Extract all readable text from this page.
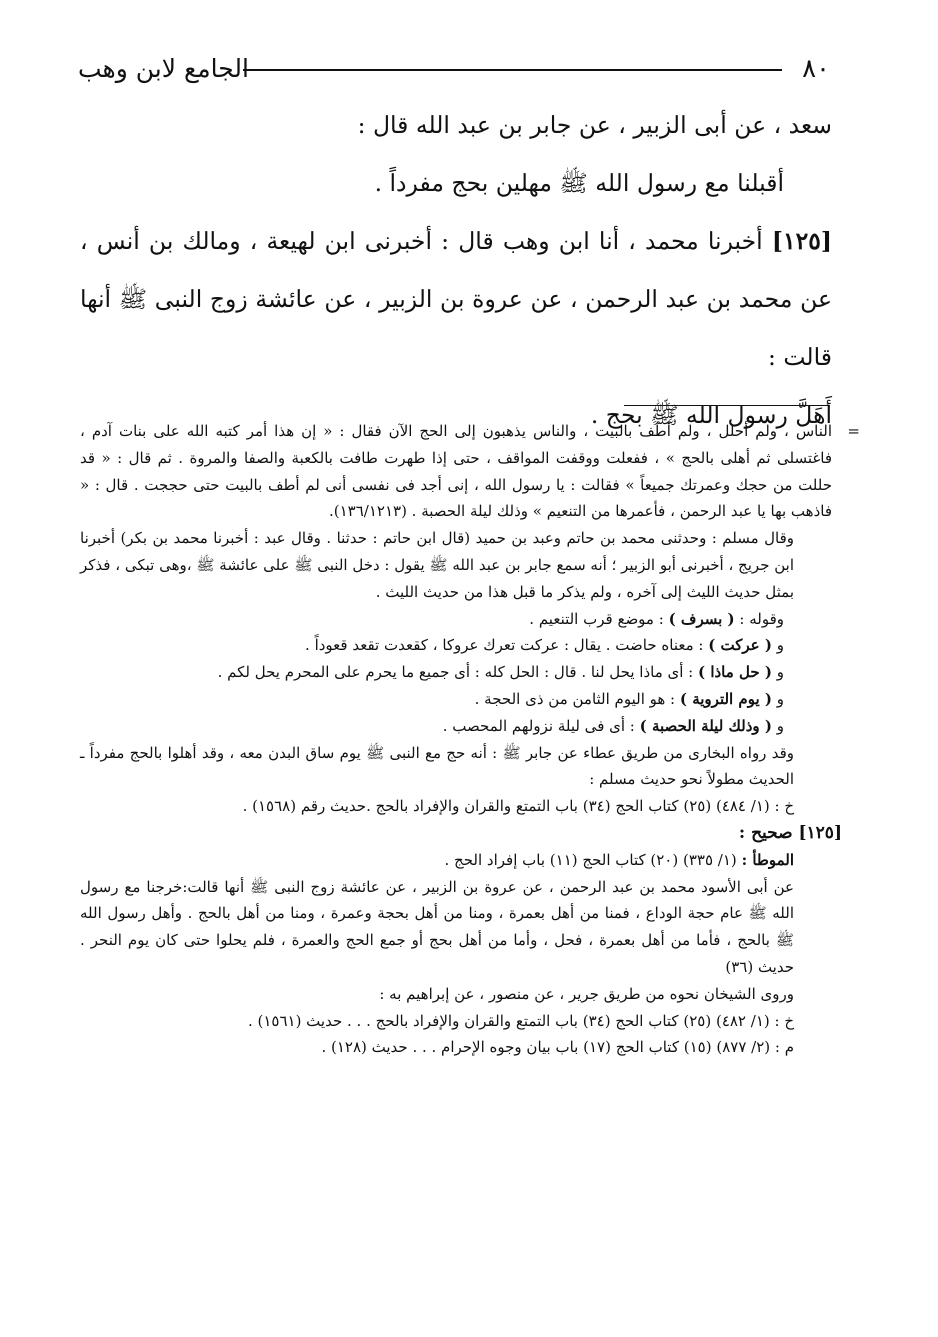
٨٠
الجامع لابن وهب

سعد ، عن أبى الزبير ، عن جابر بن عبد الله قال :

أقبلنا مع رسول الله ﷺ مهلين بحج مفرداً .

[١٢٥] أخبرنا محمد ، أنا ابن وهب قال : أخبرنى ابن لهيعة ، ومالك بن أنس ، عن محمد بن عبد الرحمن ، عن عروة بن الزبير ، عن عائشة زوج النبى ﷺ أنها قالت :

أَهَلَّ رسول الله ﷺ بحج .

=

الناس ، ولم أحلل ، ولم أطف بالبيت ، والناس يذهبون إلى الحج الآن فقال : « إن هذا أمر كتبه الله على بنات آدم ، فاغتسلى ثم أهلى بالحج » ، ففعلت ووقفت المواقف ، حتى إذا طهرت طافت بالكعبة والصفا والمروة . ثم قال : « قد حللت من حجك وعمرتك جميعاً » فقالت : يا رسول الله ، إنى أجد فى نفسى أنى لم أطف بالبيت حتى حججت . قال : « فاذهب بها يا عبد الرحمن ، فأعمرها من التنعيم » وذلك ليلة الحصبة . (١٣٦/١٢١٣).

وقال مسلم : وحدثنى محمد بن حاتم وعبد بن حميد (قال ابن حاتم : حدثنا . وقال عبد : أخبرنا محمد بن بكر) أخبرنا ابن جريج ، أخبرنى أبو الزبير ؛ أنه سمع جابر بن عبد الله ﷺ يقول : دخل النبى ﷺ على عائشة ﷺ ،وهى تبكى ، فذكر بمثل حديث الليث إلى آخره ، ولم يذكر ما قبل هذا من حديث الليث .

وقوله : ( بسرف ) : موضع قرب التنعيم .

و ( عركت ) : معناه حاضت . يقال : عركت تعرك عروكا ، كقعدت تقعد قعوداً .

و ( حل ماذا ) : أى ماذا يحل لنا . قال : الحل كله : أى جميع ما يحرم على المحرم يحل لكم .

و ( يوم التروية ) : هو اليوم الثامن من ذى الحجة .

و ( وذلك ليلة الحصبة ) : أى فى ليلة نزولهم المحصب .

وقد رواه البخارى من طريق عطاء عن جابر ﷺ : أنه حج مع النبى ﷺ يوم ساق البدن معه ، وقد أهلوا بالحج مفرداً ـ الحديث مطولاً نحو حديث مسلم :

خ : (١/ ٤٨٤) (٢٥) كتاب الحج (٣٤) باب التمتع والقران والإفراد بالحج .حديث رقم (١٥٦٨) .

[١٢٥] صحيح :

الموطأ : (١/ ٣٣٥) (٢٠) كتاب الحج (١١) باب إفراد الحج .

عن أبى الأسود محمد بن عبد الرحمن ، عن عروة بن الزبير ، عن عائشة زوج النبى ﷺ أنها قالت:خرجنا مع رسول الله ﷺ عام حجة الوداع ، فمنا من أهل بعمرة ، ومنا من أهل بحجة وعمرة ، ومنا من أهل بالحج . وأهل رسول الله ﷺ بالحج ، فأما من أهل بعمرة ، فحل ، وأما من أهل بحج أو جمع الحج والعمرة ، فلم يحلوا حتى كان يوم النحر . حديث (٣٦)

وروى الشيخان نحوه من طريق جرير ، عن منصور ، عن إبراهيم به :

خ : (١/ ٤٨٢) (٢٥) كتاب الحج (٣٤) باب التمتع والقران والإفراد بالحج . . . حديث (١٥٦١) .

م : (٢/ ٨٧٧) (١٥) كتاب الحج (١٧) باب بيان وجوه الإحرام . . . حديث (١٢٨) .
